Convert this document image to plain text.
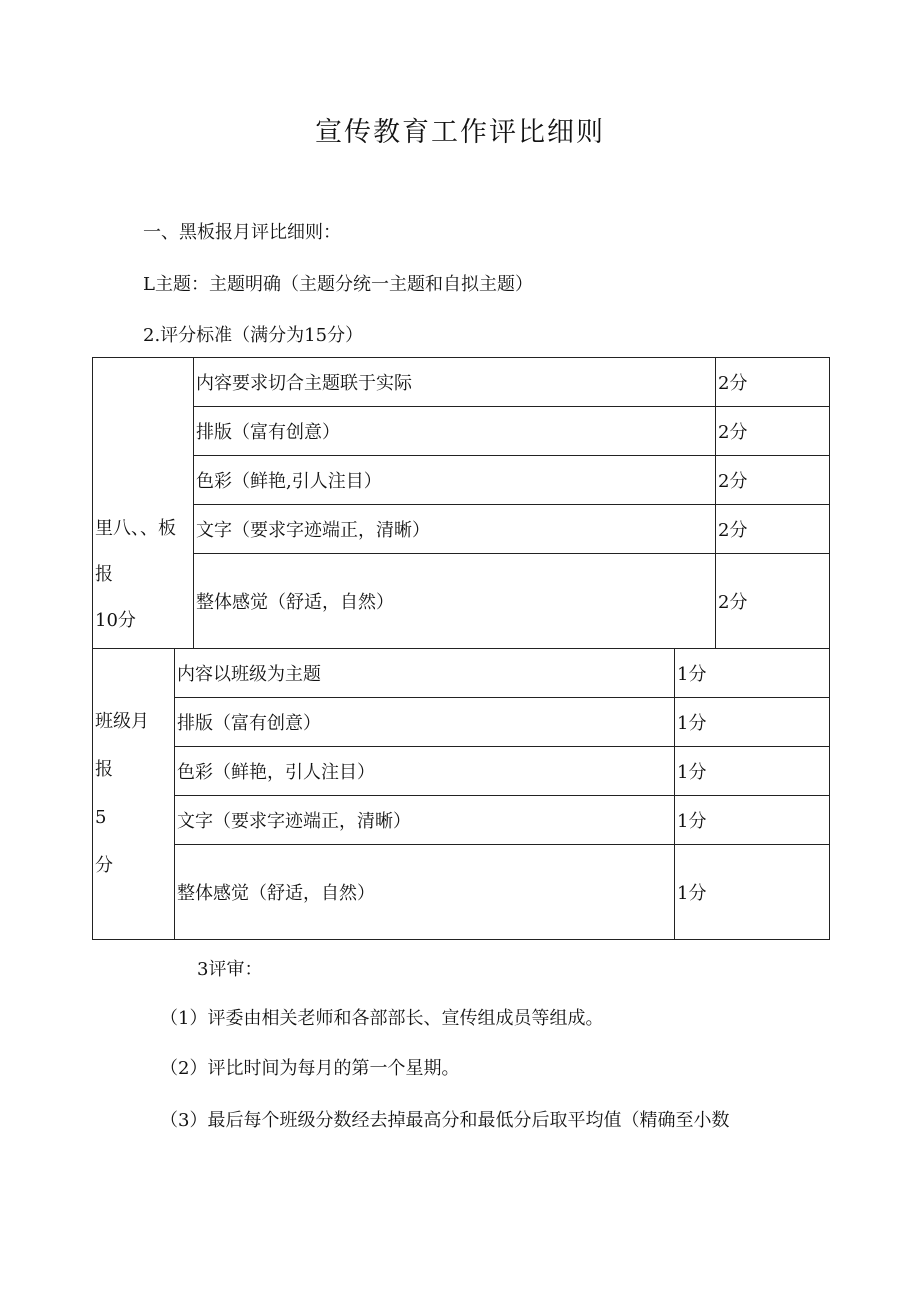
宣传教育工作评比细则
一、黑板报月评比细则：
L主题：主题明确（主题分统一主题和自拟主题）
2.评分标准（满分为15分）
里八、、板
报
10分	内容要求切合主题联于实际	2分
	排版（富有创意）	2分
	色彩（鲜艳,引人注目）	2分
	文字（要求字迹端正，清晰）	2分
	整体感觉（舒适，自然）	2分
班级月
报
5
分	内容以班级为主题	1分
	排版（富有创意）	1分
	色彩（鲜艳，引人注目）	1分
	文字（要求字迹端正，清晰）	1分
	整体感觉（舒适，自然）	1分
3评审：
（1）评委由相关老师和各部部长、宣传组成员等组成。
（2）评比时间为每月的第一个星期。
（3）最后每个班级分数经去掉最高分和最低分后取平均值（精确至小数
